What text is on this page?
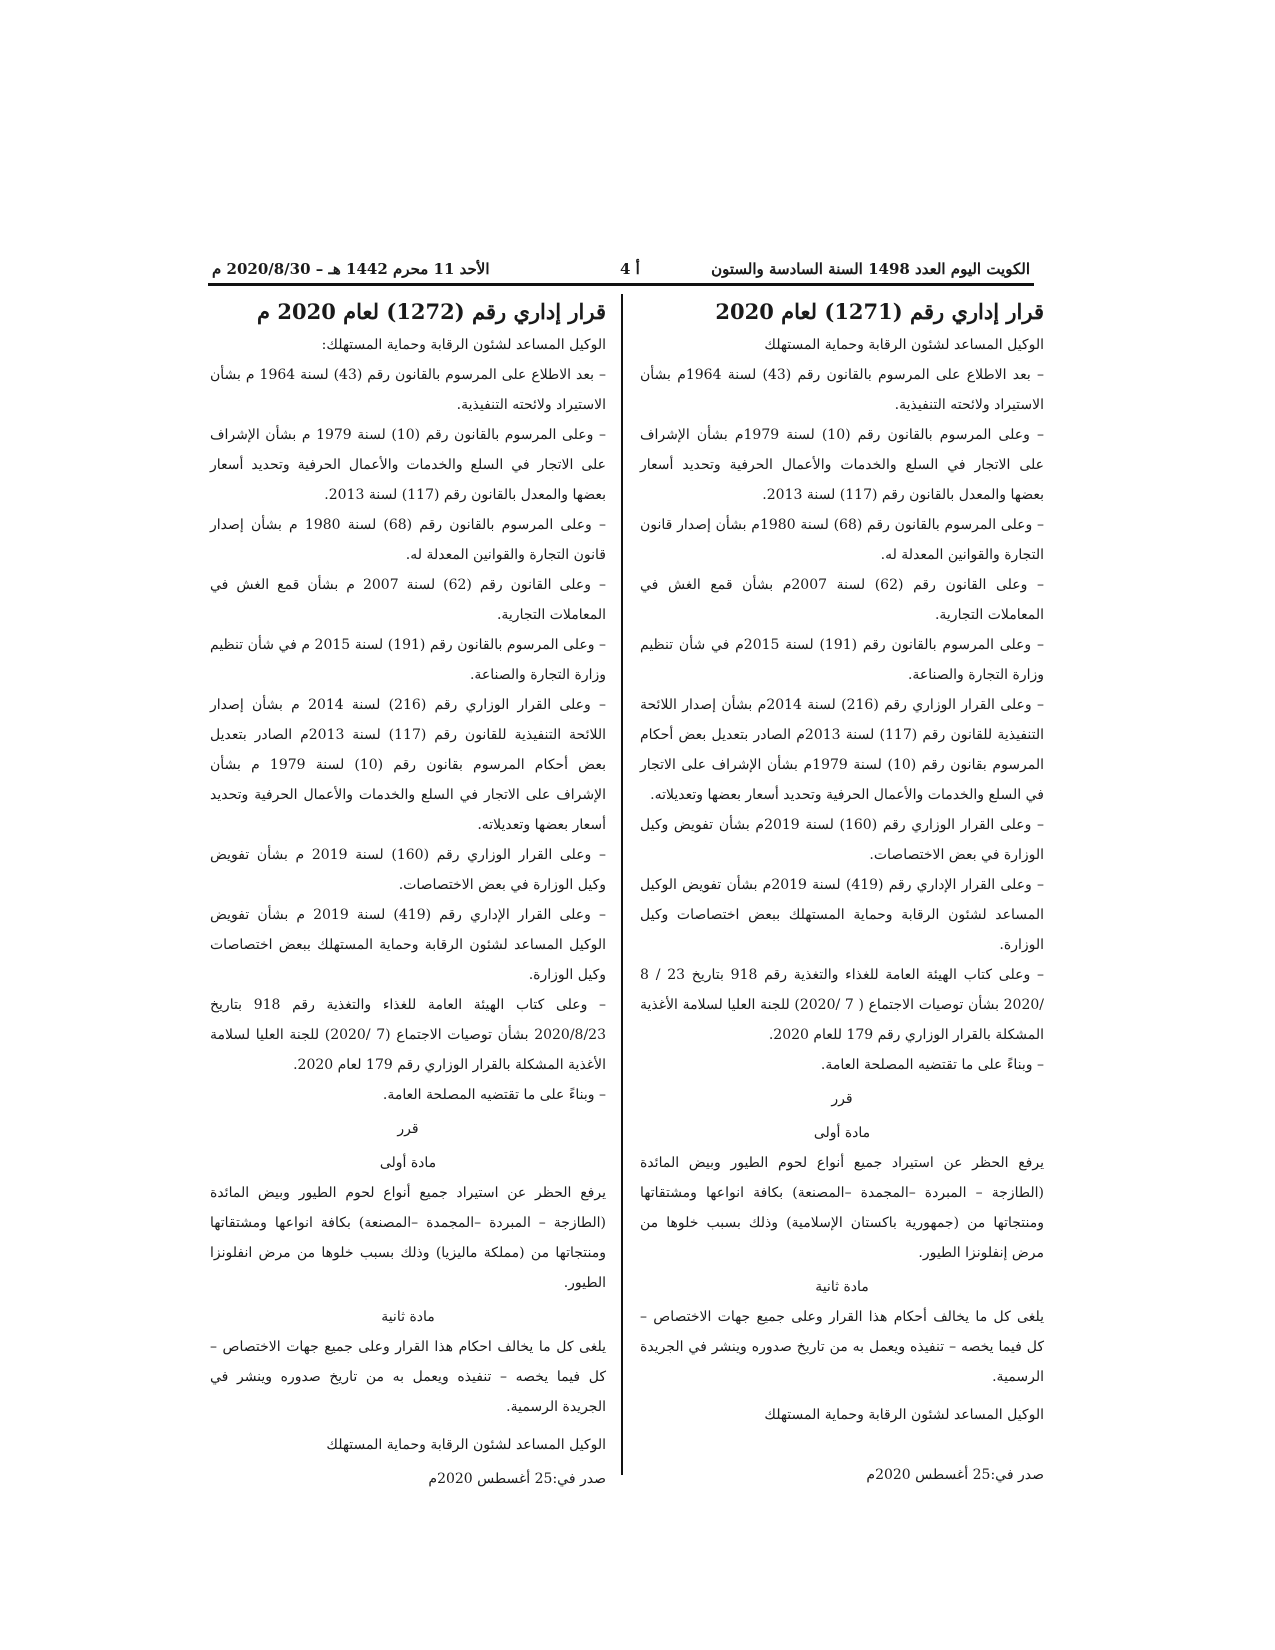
الكويت اليوم العدد 1498 السنة السادسة والستون
أ 4
الأحد 11 محرم 1442 هـ – 2020/8/30 م
قرار إداري رقم (1271) لعام 2020

الوكيل المساعد لشئون الرقابة وحماية المستهلك

– بعد الاطلاع على المرسوم بالقانون رقم (43) لسنة 1964م بشأن الاستيراد ولائحته التنفيذية.

– وعلى المرسوم بالقانون رقم (10) لسنة 1979م بشأن الإشراف على الاتجار في السلع والخدمات والأعمال الحرفية وتحديد أسعار بعضها والمعدل بالقانون رقم (117) لسنة 2013.

– وعلى المرسوم بالقانون رقم (68) لسنة 1980م بشأن إصدار قانون التجارة والقوانين المعدلة له.

– وعلى القانون رقم (62) لسنة 2007م بشأن قمع الغش في المعاملات التجارية.

– وعلى المرسوم بالقانون رقم (191) لسنة 2015م في شأن تنظيم وزارة التجارة والصناعة.

– وعلى القرار الوزاري رقم (216) لسنة 2014م بشأن إصدار اللائحة التنفيذية للقانون رقم (117) لسنة 2013م الصادر بتعديل بعض أحكام المرسوم بقانون رقم (10) لسنة 1979م بشأن الإشراف على الاتجار في السلع والخدمات والأعمال الحرفية وتحديد أسعار بعضها وتعديلاته.

– وعلى القرار الوزاري رقم (160) لسنة 2019م بشأن تفويض وكيل الوزارة في بعض الاختصاصات.

– وعلى القرار الإداري رقم (419) لسنة 2019م بشأن تفويض الوكيل المساعد لشئون الرقابة وحماية المستهلك ببعض اختصاصات وكيل الوزارة.

– وعلى كتاب الهيئة العامة للغذاء والتغذية رقم 918 بتاريخ 23 / 8 /2020 بشأن توصيات الاجتماع ( 7 /2020) للجنة العليا لسلامة الأغذية المشكلة بالقرار الوزاري رقم 179 للعام 2020.

– وبناءً على ما تقتضيه المصلحة العامة.

قرر

مادة أولى

يرفع الحظر عن استيراد جميع أنواع لحوم الطيور وبيض المائدة (الطازجة – المبردة –المجمدة –المصنعة) بكافة انواعها ومشتقاتها ومنتجاتها من (جمهورية باكستان الإسلامية) وذلك بسبب خلوها من مرض إنفلونزا الطيور.

مادة ثانية

يلغى كل ما يخالف أحكام هذا القرار وعلى جميع جهات الاختصاص – كل فيما يخصه – تنفيذه ويعمل به من تاريخ صدوره وينشر في الجريدة الرسمية.

الوكيل المساعد لشئون الرقابة وحماية المستهلك

صدر في:25 أغسطس 2020م

قرار إداري رقم (1272) لعام 2020 م

الوكيل المساعد لشئون الرقابة وحماية المستهلك:

– بعد الاطلاع على المرسوم بالقانون رقم (43) لسنة 1964 م بشأن الاستيراد ولائحته التنفيذية.

– وعلى المرسوم بالقانون رقم (10) لسنة 1979 م بشأن الإشراف على الاتجار في السلع والخدمات والأعمال الحرفية وتحديد أسعار بعضها والمعدل بالقانون رقم (117) لسنة 2013.

– وعلى المرسوم بالقانون رقم (68) لسنة 1980 م بشأن إصدار قانون التجارة والقوانين المعدلة له.

– وعلى القانون رقم (62) لسنة 2007 م بشأن قمع الغش في المعاملات التجارية.

– وعلى المرسوم بالقانون رقم (191) لسنة 2015 م في شأن تنظيم وزارة التجارة والصناعة.

– وعلى القرار الوزاري رقم (216) لسنة 2014 م بشأن إصدار اللائحة التنفيذية للقانون رقم (117) لسنة 2013م الصادر بتعديل بعض أحكام المرسوم بقانون رقم (10) لسنة 1979 م بشأن الإشراف على الاتجار في السلع والخدمات والأعمال الحرفية وتحديد أسعار بعضها وتعديلاته.

– وعلى القرار الوزاري رقم (160) لسنة 2019 م بشأن تفويض وكيل الوزارة في بعض الاختصاصات.

– وعلى القرار الإداري رقم (419) لسنة 2019 م بشأن تفويض الوكيل المساعد لشئون الرقابة وحماية المستهلك ببعض اختصاصات وكيل الوزارة.

– وعلى كتاب الهيئة العامة للغذاء والتغذية رقم 918 بتاريخ 2020/8/23 بشأن توصيات الاجتماع (7 /2020) للجنة العليا لسلامة الأغذية المشكلة بالقرار الوزاري رقم 179 لعام 2020.

– وبناءً على ما تقتضيه المصلحة العامة.

قرر

مادة أولى

يرفع الحظر عن استيراد جميع أنواع لحوم الطيور وبيض المائدة (الطازجة – المبردة –المجمدة –المصنعة) بكافة انواعها ومشتقاتها ومنتجاتها من (مملكة ماليزيا) وذلك بسبب خلوها من مرض انفلونزا الطيور.

مادة ثانية

يلغى كل ما يخالف احكام هذا القرار وعلى جميع جهات الاختصاص – كل فيما يخصه – تنفيذه ويعمل به من تاريخ صدوره وينشر في الجريدة الرسمية.

الوكيل المساعد لشئون الرقابة وحماية المستهلك

صدر في:25 أغسطس 2020م
